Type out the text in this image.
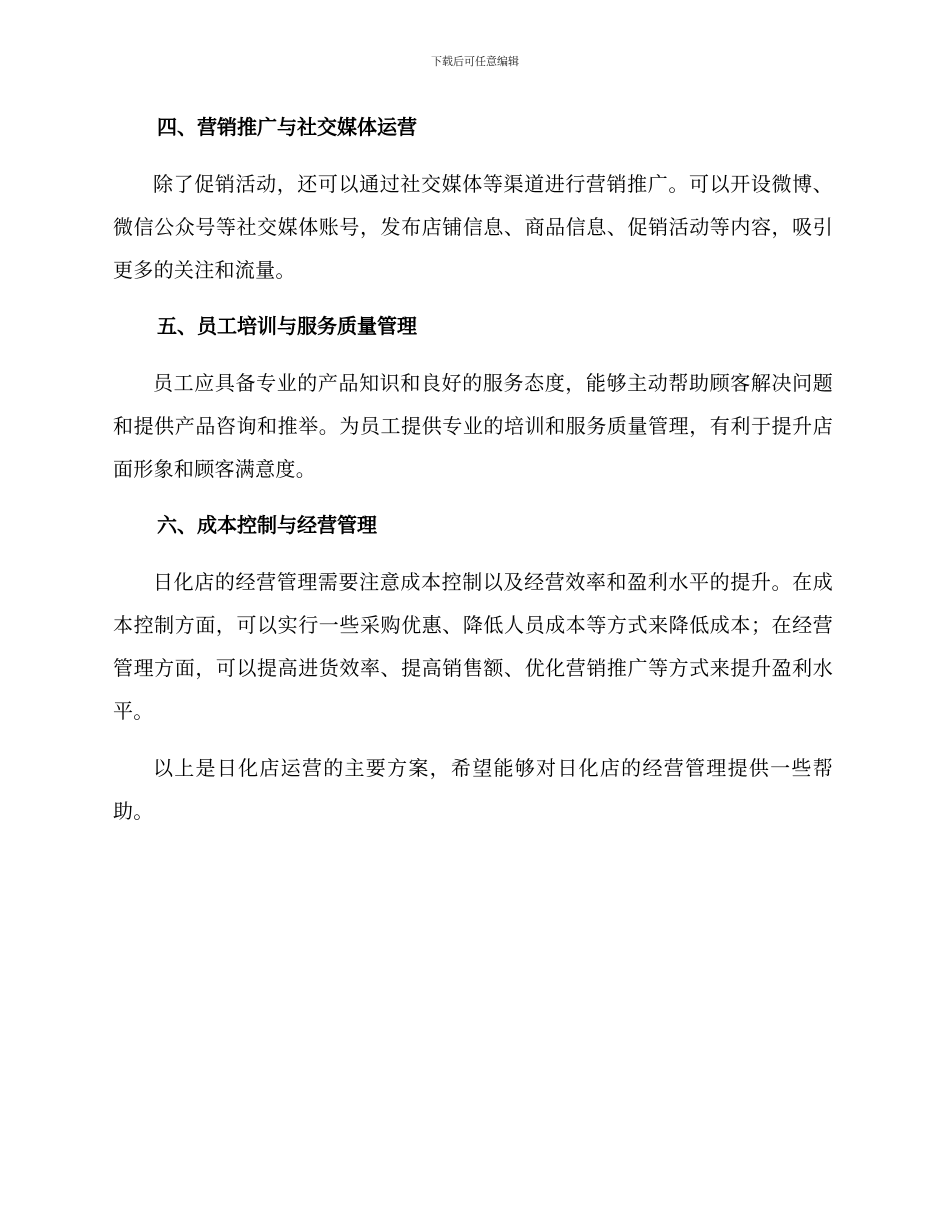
下载后可任意编辑
四、营销推广与社交媒体运营

除了促销活动，还可以通过社交媒体等渠道进行营销推广。可以开设微博、微信公众号等社交媒体账号，发布店铺信息、商品信息、促销活动等内容，吸引更多的关注和流量。

五、员工培训与服务质量管理

员工应具备专业的产品知识和良好的服务态度，能够主动帮助顾客解决问题和提供产品咨询和推举。为员工提供专业的培训和服务质量管理，有利于提升店面形象和顾客满意度。

六、成本控制与经营管理

日化店的经营管理需要注意成本控制以及经营效率和盈利水平的提升。在成本控制方面，可以实行一些采购优惠、降低人员成本等方式来降低成本；在经营管理方面，可以提高进货效率、提高销售额、优化营销推广等方式来提升盈利水平。

以上是日化店运营的主要方案，希望能够对日化店的经营管理提供一些帮助。
